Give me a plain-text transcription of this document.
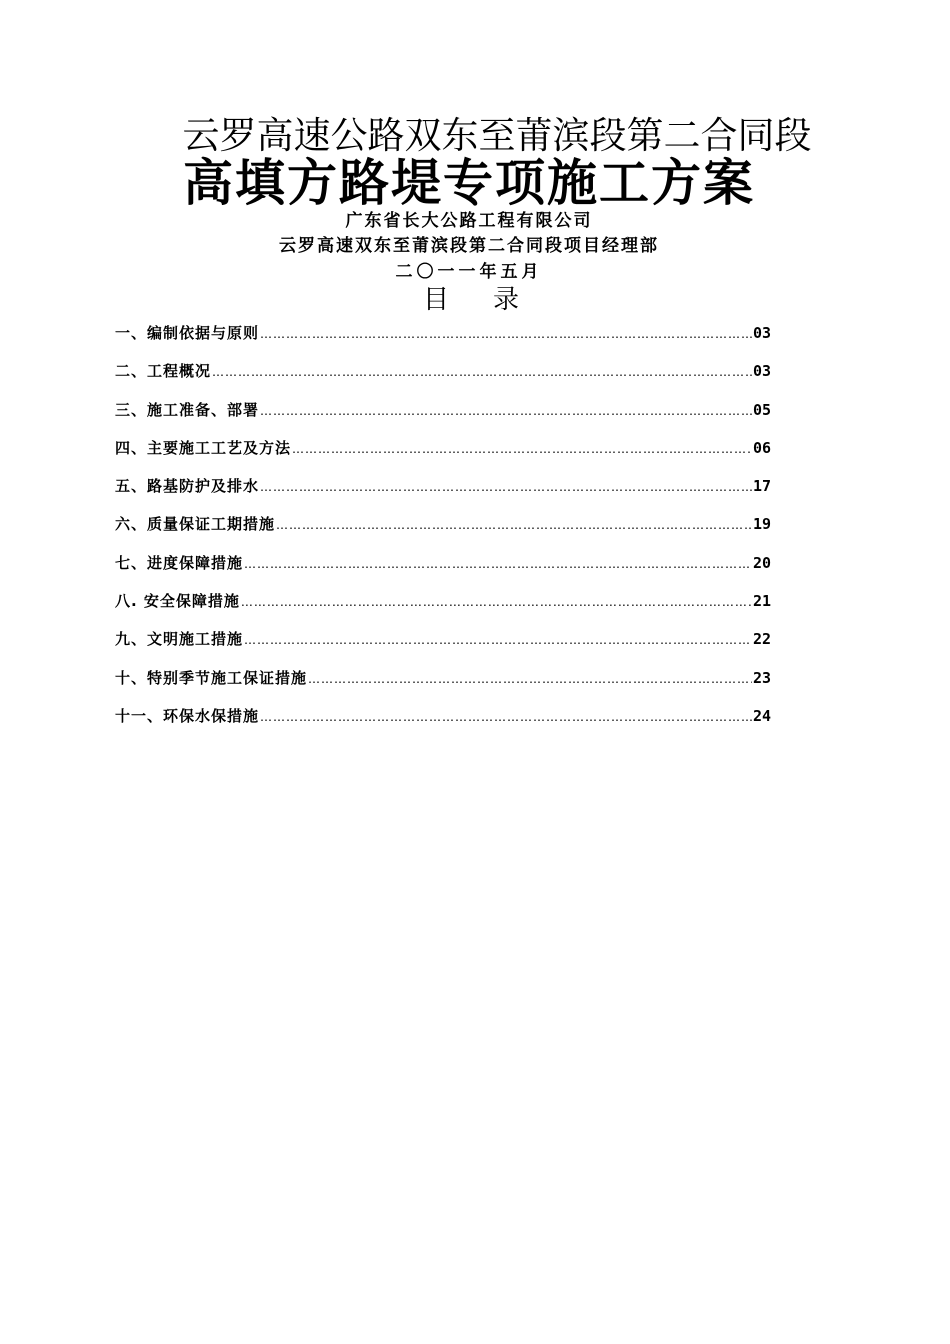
云罗高速公路双东至莆滨段第二合同段
高填方路堤专项施工方案
广东省长大公路工程有限公司
云罗高速双东至莆滨段第二合同段项目经理部
二〇一一年五月
目 录
一、编制依据与原则 …………………………………………………………………………………………………………………………………………………………………………………………………………………	03
二、工程概况 …………………………………………………………………………………………………………………………………………………………………………………………………………………	03
三、施工准备、部署 …………………………………………………………………………………………………………………………………………………………………………………………………………………	05
四、主要施工工艺及方法 …………………………………………………………………………………………………………………………………………………………………………………………………………………	06
五、路基防护及排水 …………………………………………………………………………………………………………………………………………………………………………………………………………………	17
六、质量保证工期措施 …………………………………………………………………………………………………………………………………………………………………………………………………………………	19
七、进度保障措施 …………………………………………………………………………………………………………………………………………………………………………………………………………………	20
八. 安全保障措施 …………………………………………………………………………………………………………………………………………………………………………………………………………………	21
九、文明施工措施 …………………………………………………………………………………………………………………………………………………………………………………………………………………	22
十、特别季节施工保证措施 …………………………………………………………………………………………………………………………………………………………………………………………………………………	23
十一、环保水保措施 …………………………………………………………………………………………………………………………………………………………………………………………………………………	24
